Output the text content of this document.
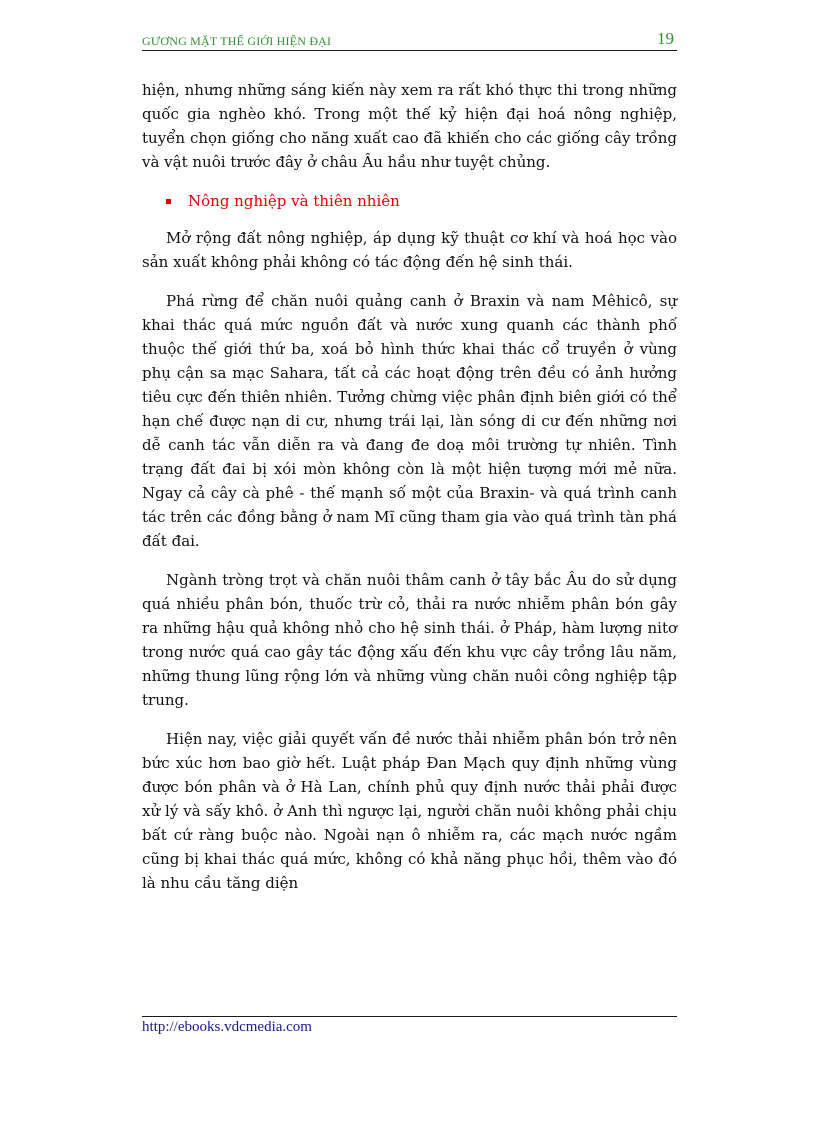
GƯƠNG MẶT THẾ GIỚI HIỆN ĐẠI	19

hiện, nhưng những sáng kiến này xem ra rất khó thực thi trong những quốc gia nghèo khó. Trong một thế kỷ hiện đại hoá nông nghiệp, tuyển chọn giống cho năng xuất cao đã khiến cho các giống cây trồng và vật nuôi trước đây ở châu Âu hầu như tuyệt chủng.

Nông nghiệp và thiên nhiên

Mở rộng đất nông nghiệp, áp dụng kỹ thuật cơ khí và hoá học vào sản xuất không phải không có tác động đến hệ sinh thái.

Phá rừng để chăn nuôi quảng canh ở Braxin và nam Mêhicô, sự khai thác quá mức nguồn đất và nước xung quanh các thành phố thuộc thế giới thứ ba, xoá bỏ hình thức khai thác cổ truyền ở vùng phụ cận sa mạc Sahara, tất cả các hoạt động trên đều có ảnh hưởng tiêu cực đến thiên nhiên. Tưởng chừng việc phân định biên giới có thể hạn chế được nạn di cư, nhưng trái lại, làn sóng di cư đến những nơi dễ canh tác vẫn diễn ra và đang đe doạ môi trường tự nhiên. Tình trạng đất đai bị xói mòn không còn là một hiện tượng mới mẻ nữa. Ngay cả cây cà phê - thế mạnh số một của Braxin- và quá trình canh tác trên các đồng bằng ở nam Mĩ cũng tham gia vào quá trình tàn phá đất đai.

Ngành tròng trọt và chăn nuôi thâm canh ở tây bắc Âu do sử dụng quá nhiều phân bón, thuốc trừ cỏ, thải ra nước nhiễm phân bón gây ra những hậu quả không nhỏ cho hệ sinh thái. ở Pháp, hàm lượng nitơ trong nước quá cao gây tác động xấu đến khu vực cây trồng lâu năm, những thung lũng rộng lớn và những vùng chăn nuôi công nghiệp tập trung.

Hiện nay, việc giải quyết vấn đề nước thải nhiễm phân bón trở nên bức xúc hơn bao giờ hết. Luật pháp Đan Mạch quy định những vùng được bón phân và ở Hà Lan, chính phủ quy định nước thải phải được xử lý và sấy khô. ở Anh thì ngược lại, người chăn nuôi không phải chịu bất cứ ràng buộc nào. Ngoài nạn ô nhiễm ra, các mạch nước ngầm cũng bị khai thác quá mức, không có khả năng phục hồi, thêm vào đó là nhu cầu tăng diện

http://ebooks.vdcmedia.com
